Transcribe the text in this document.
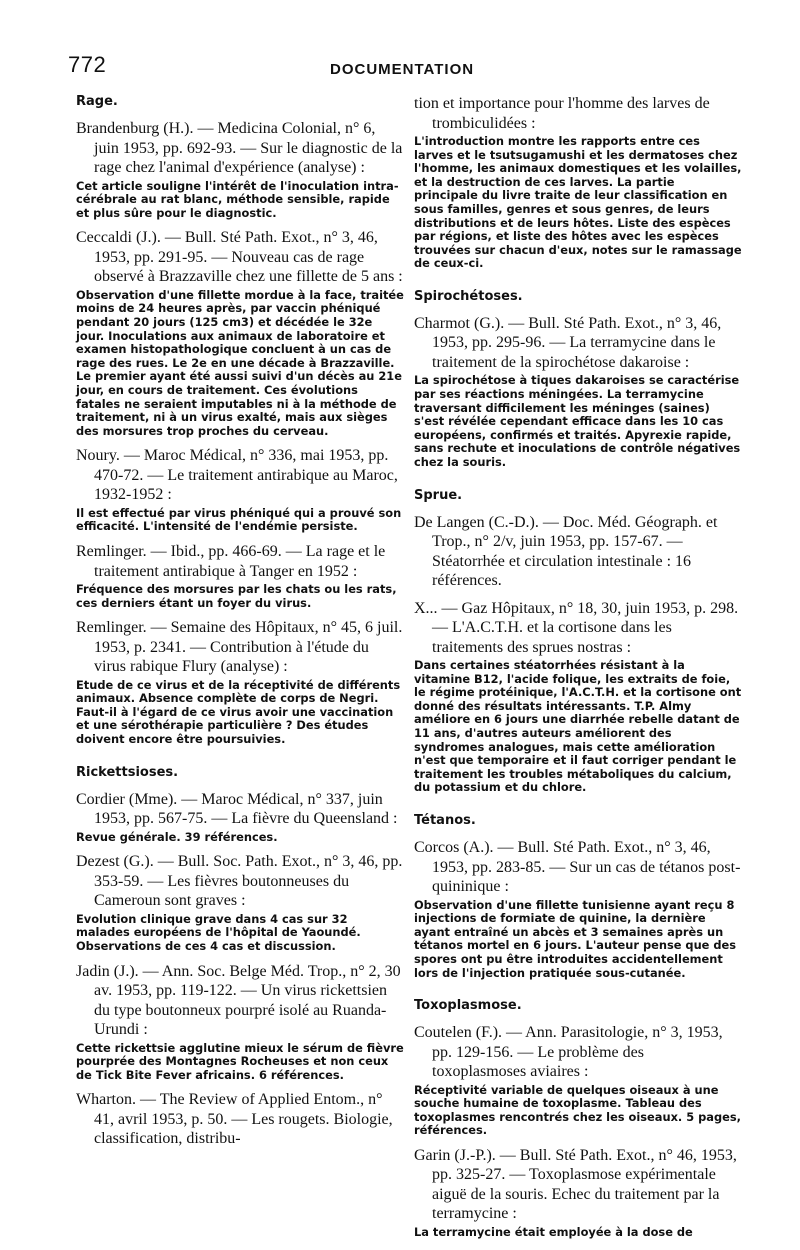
772	DOCUMENTATION
Rage.

Brandenburg (H.). — Medicina Colonial, n° 6, juin 1953, pp. 692-93. — Sur le diagnostic de la rage chez l'animal d'expérience (analyse) :

Cet article souligne l'intérêt de l'inoculation intra-cérébrale au rat blanc, méthode sensible, rapide et plus sûre pour le diagnostic.

Ceccaldi (J.). — Bull. Sté Path. Exot., n° 3, 46, 1953, pp. 291-95. — Nouveau cas de rage observé à Brazzaville chez une fillette de 5 ans :

Observation d'une fillette mordue à la face, traitée moins de 24 heures après, par vaccin phéniqué pendant 20 jours (125 cm3) et décédée le 32e jour. Inoculations aux animaux de laboratoire et examen histopathologique concluent à un cas de rage des rues. Le 2e en une décade à Brazzaville. Le premier ayant été aussi suivi d'un décès au 21e jour, en cours de traitement. Ces évolutions fatales ne seraient imputables ni à la méthode de traitement, ni à un virus exalté, mais aux sièges des morsures trop proches du cerveau.

Noury. — Maroc Médical, n° 336, mai 1953, pp. 470-72. — Le traitement antirabique au Maroc, 1932-1952 :

Il est effectué par virus phéniqué qui a prouvé son efficacité. L'intensité de l'endémie persiste.

Remlinger. — Ibid., pp. 466-69. — La rage et le traitement antirabique à Tanger en 1952 :

Fréquence des morsures par les chats ou les rats, ces derniers étant un foyer du virus.

Remlinger. — Semaine des Hôpitaux, n° 45, 6 juil. 1953, p. 2341. — Contribution à l'étude du virus rabique Flury (analyse) :

Etude de ce virus et de la réceptivité de différents animaux. Absence complète de corps de Negri. Faut-il à l'égard de ce virus avoir une vaccination et une sérothérapie particulière ? Des études doivent encore être poursuivies.

Rickettsioses.

Cordier (Mme). — Maroc Médical, n° 337, juin 1953, pp. 567-75. — La fièvre du Queensland :

Revue générale. 39 références.

Dezest (G.). — Bull. Soc. Path. Exot., n° 3, 46, pp. 353-59. — Les fièvres boutonneuses du Cameroun sont graves :

Evolution clinique grave dans 4 cas sur 32 malades européens de l'hôpital de Yaoundé. Observations de ces 4 cas et discussion.

Jadin (J.). — Ann. Soc. Belge Méd. Trop., n° 2, 30 av. 1953, pp. 119-122. — Un virus rickettsien du type boutonneux pourpré isolé au Ruanda-Urundi :

Cette rickettsie agglutine mieux le sérum de fièvre pourprée des Montagnes Rocheuses et non ceux de Tick Bite Fever africains. 6 références.

Wharton. — The Review of Applied Entom., n° 41, avril 1953, p. 50. — Les rougets. Biologie, classification, distribu-

tion et importance pour l'homme des larves de trombiculidées :

L'introduction montre les rapports entre ces larves et le tsutsugamushi et les dermatoses chez l'homme, les animaux domestiques et les volailles, et la destruction de ces larves. La partie principale du livre traite de leur classification en sous familles, genres et sous genres, de leurs distributions et de leurs hôtes. Liste des espèces par régions, et liste des hôtes avec les espèces trouvées sur chacun d'eux, notes sur le ramassage de ceux-ci.

Spirochétoses.

Charmot (G.). — Bull. Sté Path. Exot., n° 3, 46, 1953, pp. 295-96. — La terramycine dans le traitement de la spirochétose dakaroise :

La spirochétose à tiques dakaroises se caractérise par ses réactions méningées. La terramycine traversant difficilement les méninges (saines) s'est révélée cependant efficace dans les 10 cas européens, confirmés et traités. Apyrexie rapide, sans rechute et inoculations de contrôle négatives chez la souris.

Sprue.

De Langen (C.-D.). — Doc. Méd. Géograph. et Trop., n° 2/v, juin 1953, pp. 157-67. — Stéatorrhée et circulation intestinale : 16 références.

X... — Gaz Hôpitaux, n° 18, 30, juin 1953, p. 298. — L'A.C.T.H. et la cortisone dans les traitements des sprues nostras :

Dans certaines stéatorrhées résistant à la vitamine B12, l'acide folique, les extraits de foie, le régime protéinique, l'A.C.T.H. et la cortisone ont donné des résultats intéressants. T.P. Almy améliore en 6 jours une diarrhée rebelle datant de 11 ans, d'autres auteurs améliorent des syndromes analogues, mais cette amélioration n'est que temporaire et il faut corriger pendant le traitement les troubles métaboliques du calcium, du potassium et du chlore.

Tétanos.

Corcos (A.). — Bull. Sté Path. Exot., n° 3, 46, 1953, pp. 283-85. — Sur un cas de tétanos post-quininique :

Observation d'une fillette tunisienne ayant reçu 8 injections de formiate de quinine, la dernière ayant entraîné un abcès et 3 semaines après un tétanos mortel en 6 jours. L'auteur pense que des spores ont pu être introduites accidentellement lors de l'injection pratiquée sous-cutanée.

Toxoplasmose.

Coutelen (F.). — Ann. Parasitologie, n° 3, 1953, pp. 129-156. — Le problème des toxoplasmoses aviaires :

Réceptivité variable de quelques oiseaux à une souche humaine de toxoplasme. Tableau des toxoplasmes rencontrés chez les oiseaux. 5 pages, références.

Garin (J.-P.). — Bull. Sté Path. Exot., n° 46, 1953, pp. 325-27. — Toxoplasmose expérimentale aiguë de la souris. Echec du traitement par la terramycine :

La terramycine était employée à la dose de
